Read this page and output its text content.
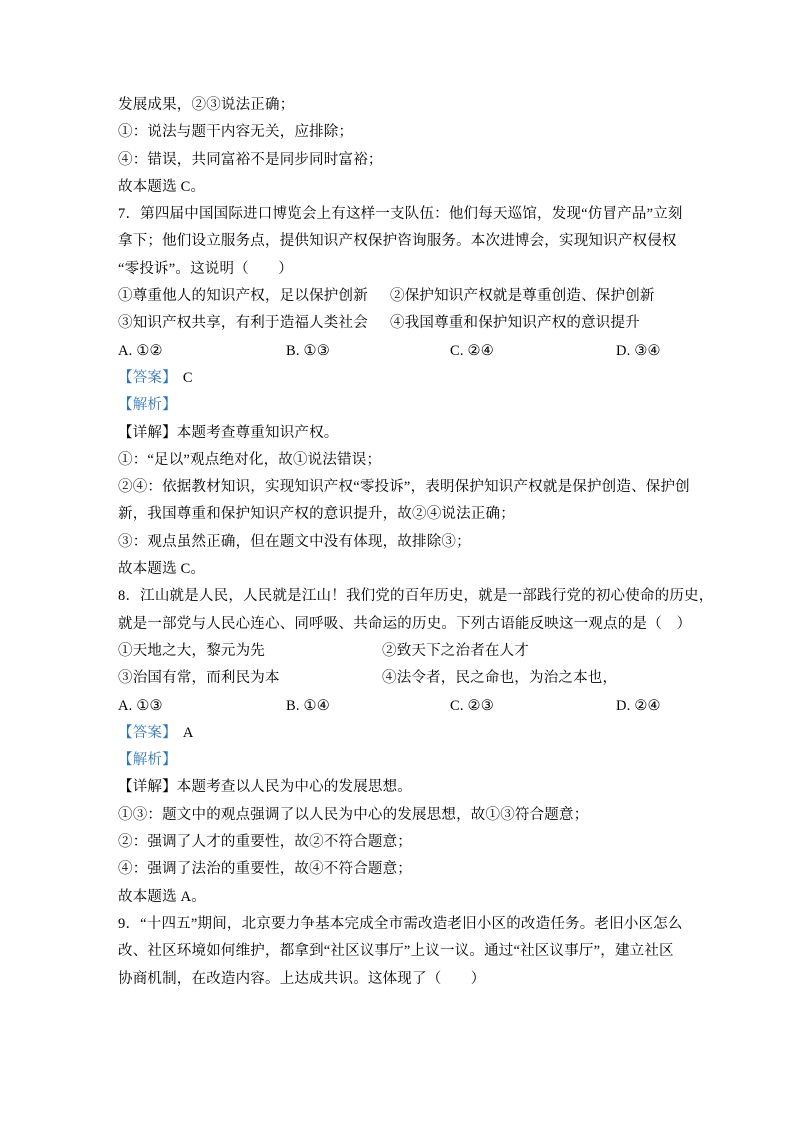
发展成果，②③说法正确；
①：说法与题干内容无关，应排除；
④：错误，共同富裕不是同步同时富裕；
故本题选 C。
7．第四届中国国际进口博览会上有这样一支队伍：他们每天巡馆，发现“仿冒产品”立刻
拿下；他们设立服务点，提供知识产权保护咨询服务。本次进博会，实现知识产权侵权
“零投诉”。这说明（　　）
①尊重他人的知识产权，足以保护创新 ②保护知识产权就是尊重创造、保护创新
③知识产权共享，有利于造福人类社会 ④我国尊重和保护知识产权的意识提升
A. ①②	B. ①③	C. ②④	D. ③④
【答案】 C
【解析】
【详解】本题考查尊重知识产权。
①：“足以”观点绝对化，故①说法错误；
②④：依据教材知识，实现知识产权“零投诉”，表明保护知识产权就是保护创造、保护创
新，我国尊重和保护知识产权的意识提升，故②④说法正确；
③：观点虽然正确，但在题文中没有体现，故排除③；
故本题选 C。
8．江山就是人民，人民就是江山！我们党的百年历史，就是一部践行党的初心使命的历史，
就是一部党与人民心连心、同呼吸、共命运的历史。下列古语能反映这一观点的是（　）
①天地之大，黎元为先	②致天下之治者在人才
③治国有常，而利民为本	④法令者，民之命也，为治之本也，
A. ①③	B. ①④	C. ②③	D. ②④
【答案】 A
【解析】
【详解】本题考查以人民为中心的发展思想。
①③：题文中的观点强调了以人民为中心的发展思想，故①③符合题意；
②：强调了人才的重要性，故②不符合题意；
④：强调了法治的重要性，故④不符合题意；
故本题选 A。
9．“十四五”期间，北京要力争基本完成全市需改造老旧小区的改造任务。老旧小区怎么
改、社区环境如何维护，都拿到“社区议事厅”上议一议。通过“社区议事厅”，建立社区
协商机制，在改造内容。上达成共识。这体现了（　　）
